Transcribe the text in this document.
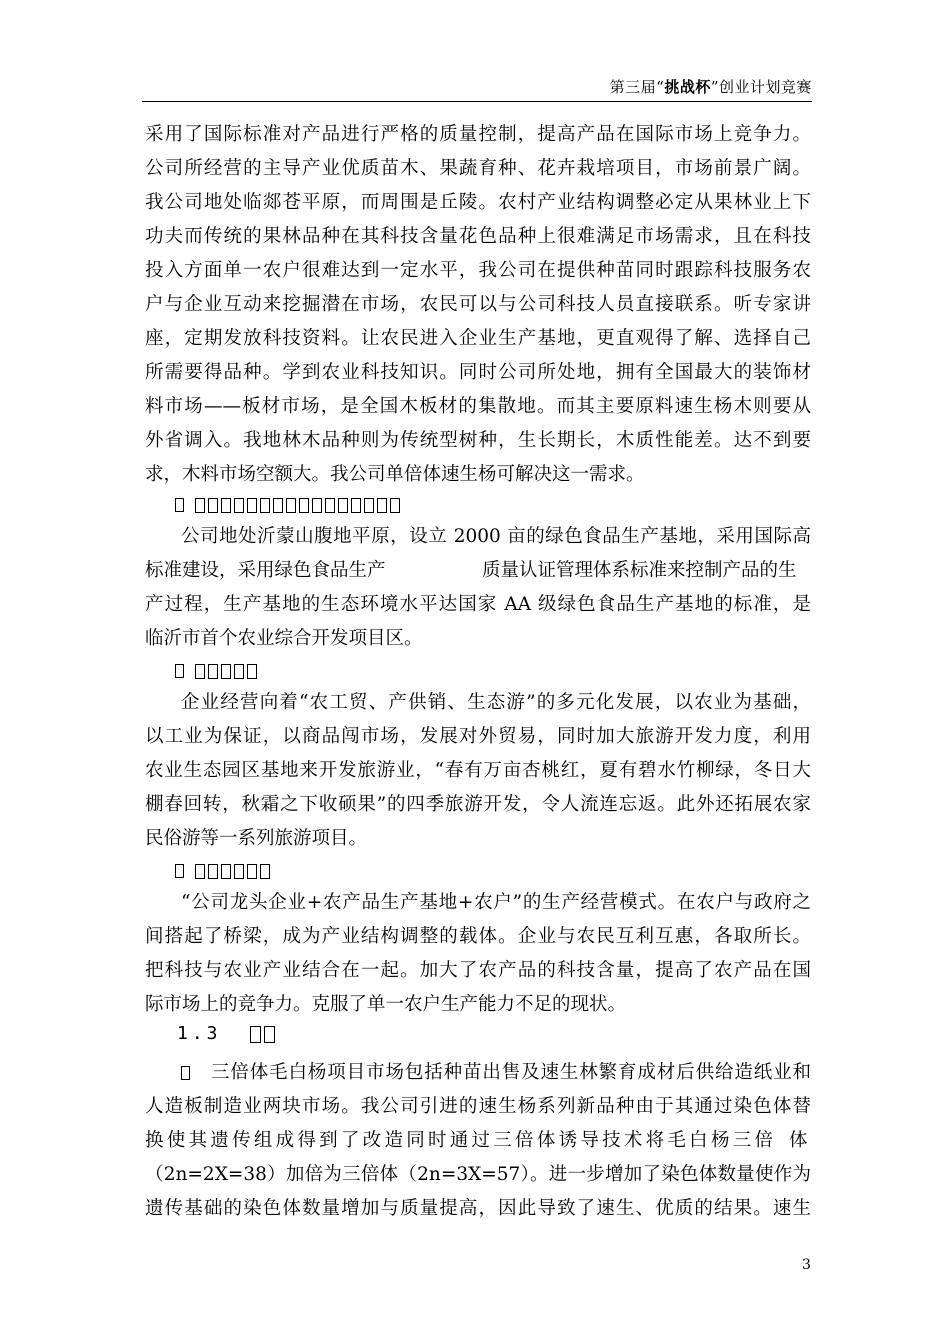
第三届“挑战杯”创业计划竞赛
采用了国际标准对产品进行严格的质量控制，提高产品在国际市场上竞争力。
公司所经营的主导产业优质苗木、果蔬育种、花卉栽培项目，市场前景广阔。
我公司地处临郯苍平原，而周围是丘陵。农村产业结构调整必定从果林业上下
功夫而传统的果林品种在其科技含量花色品种上很难满足市场需求，且在科技
投入方面单一农户很难达到一定水平，我公司在提供种苗同时跟踪科技服务农
户与企业互动来挖掘潜在市场，农民可以与公司科技人员直接联系。听专家讲
座，定期发放科技资料。让农民进入企业生产基地，更直观得了解、选择自己
所需要得品种。学到农业科技知识。同时公司所处地，拥有全国最大的装饰材
料市场——板材市场，是全国木板材的集散地。而其主要原料速生杨木则要从
外省调入。我地林木品种则为传统型树种，生长期长，木质性能差。达不到要
求，木料市场空额大。我公司单倍体速生杨可解决这一需求。

公司地处沂蒙山腹地平原，设立 2000 亩的绿色食品生产基地，采用国际高
标准建设，采用绿色食品生产	质量认证管理体系标准来控制产品的生
产过程，生产基地的生态环境水平达国家 AA 级绿色食品生产基地的标准，是
临沂市首个农业综合开发项目区。

企业经营向着“农工贸、产供销、生态游”的多元化发展，以农业为基础，
以工业为保证，以商品闯市场，发展对外贸易，同时加大旅游开发力度，利用
农业生态园区基地来开发旅游业，“春有万亩杏桃红，夏有碧水竹柳绿，冬日大
棚春回转，秋霜之下收硕果”的四季旅游开发，令人流连忘返。此外还拓展农家
民俗游等一系列旅游项目。

“公司龙头企业+农产品生产基地+农户”的生产经营模式。在农户与政府之
间搭起了桥梁，成为产业结构调整的载体。企业与农民互利互惠，各取所长。
把科技与农业产业结合在一起。加大了农产品的科技含量，提高了农产品在国
际市场上的竞争力。克服了单一农户生产能力不足的现状。
1.3
三倍体毛白杨项目市场包括种苗出售及速生林繁育成材后供给造纸业和
人造板制造业两块市场。我公司引进的速生杨系列新品种由于其通过染色体替
换使其遗传组成得到了改造同时通过三倍体诱导技术将毛白杨三倍 体
（2n=2X=38）加倍为三倍体（2n=3X=57）。进一步增加了染色体数量使作为
遗传基础的染色体数量增加与质量提高，因此导致了速生、优质的结果。速生
3
